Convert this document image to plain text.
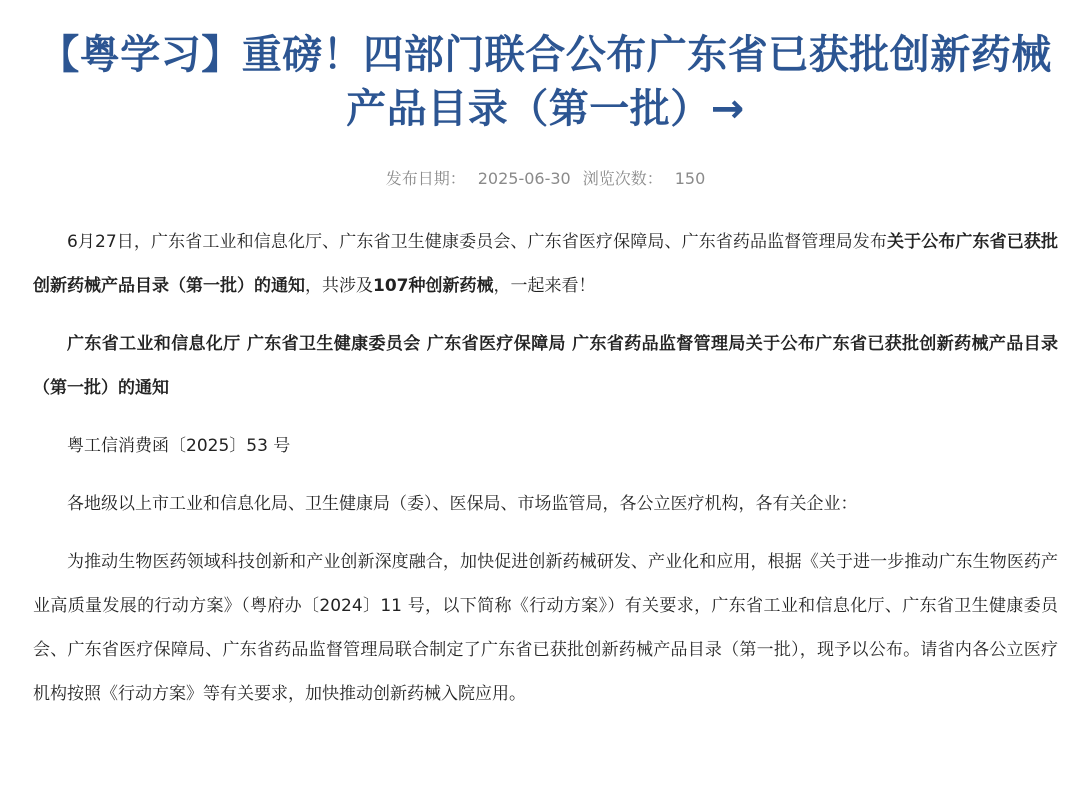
【粤学习】重磅！四部门联合公布广东省已获批创新药械
产品目录（第一批）→
发布日期： 2025-06-30 浏览次数： 150

6月27日，广东省工业和信息化厅、广东省卫生健康委员会、广东省医疗保障局、广东省药品监督管理局发布关于公布广东省已获批创新药械产品目录（第一批）的通知，共涉及107种创新药械，一起来看！

广东省工业和信息化厅 广东省卫生健康委员会 广东省医疗保障局 广东省药品监督管理局关于公布广东省已获批创新药械产品目录（第一批）的通知

粤工信消费函〔2025〕53 号

各地级以上市工业和信息化局、卫生健康局（委）、医保局、市场监管局，各公立医疗机构，各有关企业：

为推动生物医药领域科技创新和产业创新深度融合，加快促进创新药械研发、产业化和应用，根据《关于进一步推动广东生物医药产业高质量发展的行动方案》（粤府办〔2024〕11 号，以下简称《行动方案》）有关要求，广东省工业和信息化厅、广东省卫生健康委员会、广东省医疗保障局、广东省药品监督管理局联合制定了广东省已获批创新药械产品目录（第一批），现予以公布。请省内各公立医疗机构按照《行动方案》等有关要求，加快推动创新药械入院应用。
